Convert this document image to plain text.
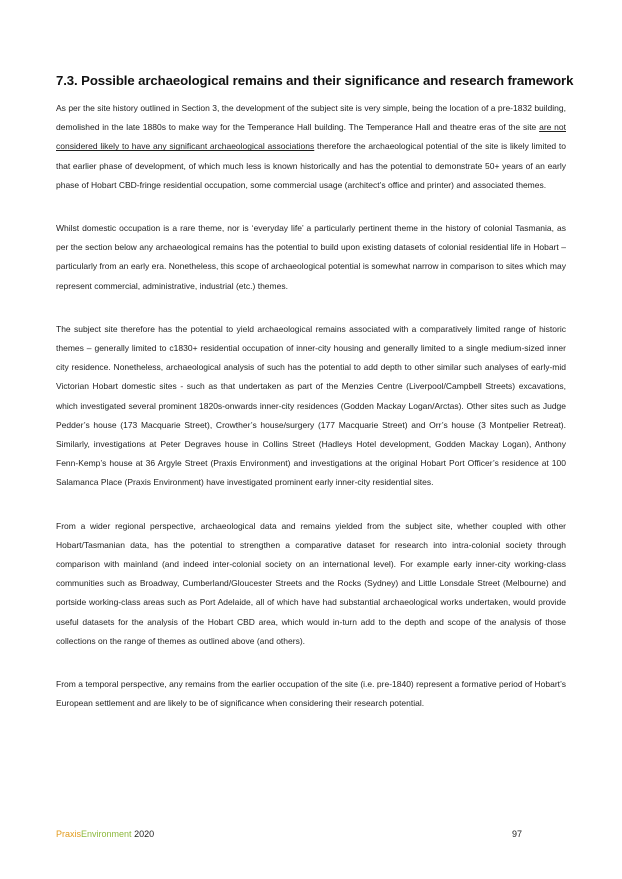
7.3. Possible archaeological remains and their significance and research framework

As per the site history outlined in Section 3, the development of the subject site is very simple, being the location of a pre-1832 building, demolished in the late 1880s to make way for the Temperance Hall building. The Temperance Hall and theatre eras of the site are not considered likely to have any significant archaeological associations therefore the archaeological potential of the site is likely limited to that earlier phase of development, of which much less is known historically and has the potential to demonstrate 50+ years of an early phase of Hobart CBD-fringe residential occupation, some commercial usage (architect’s office and printer) and associated themes.

Whilst domestic occupation is a rare theme, nor is ‘everyday life’ a particularly pertinent theme in the history of colonial Tasmania, as per the section below any archaeological remains has the potential to build upon existing datasets of colonial residential life in Hobart – particularly from an early era. Nonetheless, this scope of archaeological potential is somewhat narrow in comparison to sites which may represent commercial, administrative, industrial (etc.) themes.

The subject site therefore has the potential to yield archaeological remains associated with a comparatively limited range of historic themes – generally limited to c1830+ residential occupation of inner-city housing and generally limited to a single medium-sized inner city residence. Nonetheless, archaeological analysis of such has the potential to add depth to other similar such analyses of early-mid Victorian Hobart domestic sites - such as that undertaken as part of the Menzies Centre (Liverpool/Campbell Streets) excavations, which investigated several prominent 1820s-onwards inner-city residences (Godden Mackay Logan/Arctas). Other sites such as Judge Pedder’s house (173 Macquarie Street), Crowther’s house/surgery (177 Macquarie Street) and Orr’s house (3 Montpelier Retreat). Similarly, investigations at Peter Degraves house in Collins Street (Hadleys Hotel development, Godden Mackay Logan), Anthony Fenn-Kemp’s house at 36 Argyle Street (Praxis Environment) and investigations at the original Hobart Port Officer’s residence at 100 Salamanca Place (Praxis Environment) have investigated prominent early inner-city residential sites.

From a wider regional perspective, archaeological data and remains yielded from the subject site, whether coupled with other Hobart/Tasmanian data, has the potential to strengthen a comparative dataset for research into intra-colonial society through comparison with mainland (and indeed inter-colonial society on an international level). For example early inner-city working-class communities such as Broadway, Cumberland/Gloucester Streets and the Rocks (Sydney) and Little Lonsdale Street (Melbourne) and portside working-class areas such as Port Adelaide, all of which have had substantial archaeological works undertaken, would provide useful datasets for the analysis of the Hobart CBD area, which would in-turn add to the depth and scope of the analysis of those collections on the range of themes as outlined above (and others).

From a temporal perspective, any remains from the earlier occupation of the site (i.e. pre-1840) represent a formative period of Hobart’s European settlement and are likely to be of significance when considering their research potential.

PraxisEnvironment 2020	97
